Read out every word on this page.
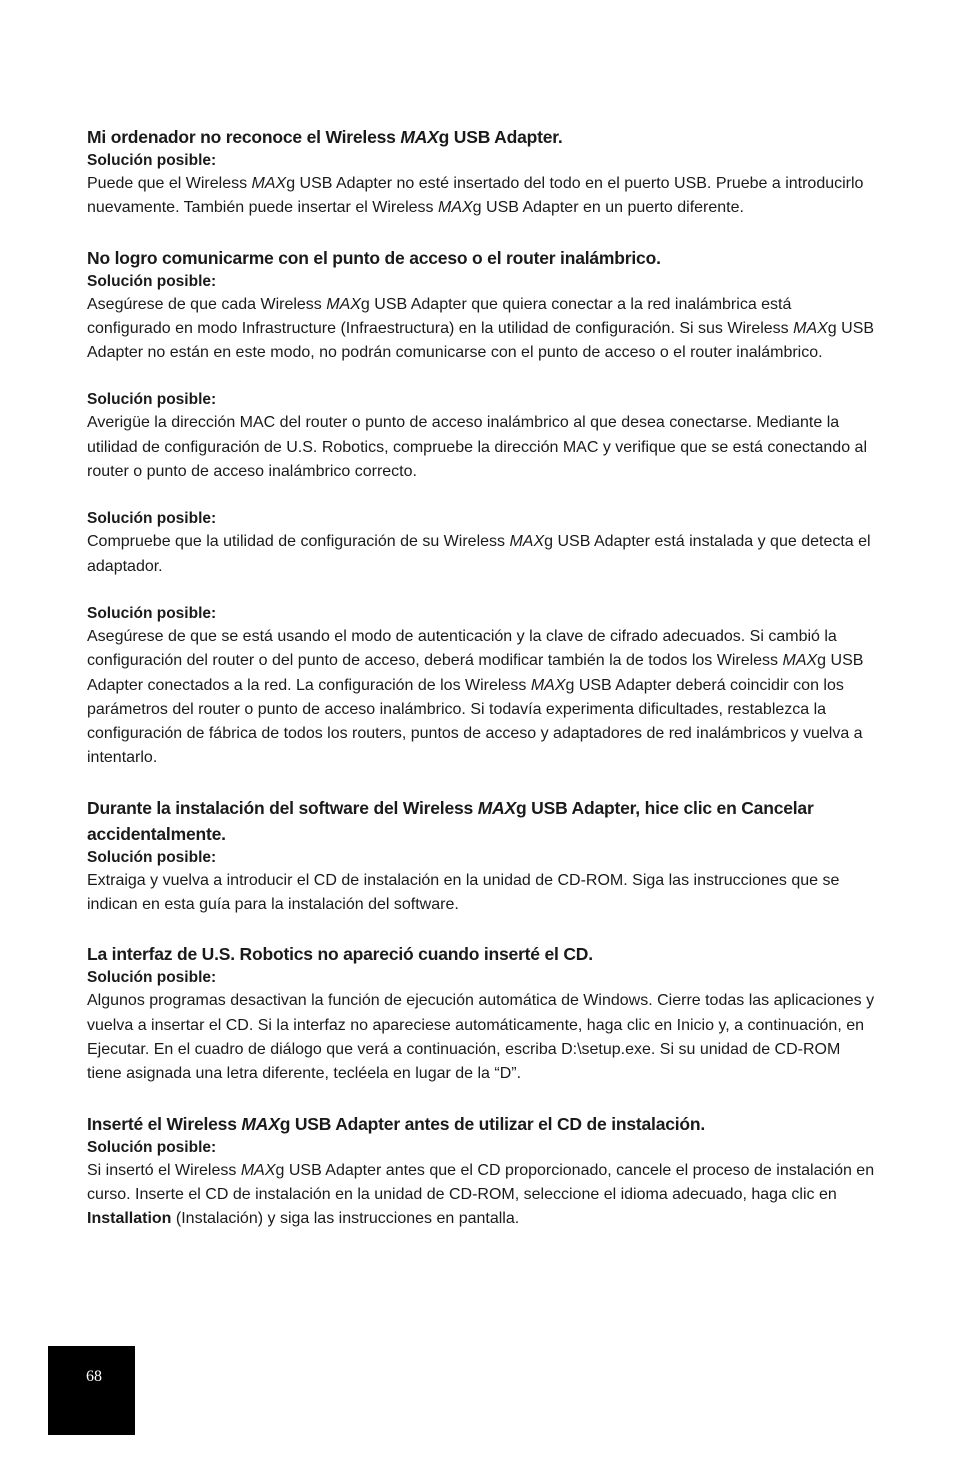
Mi ordenador no reconoce el Wireless MAXg USB Adapter.

Solución posible:

Puede que el Wireless MAXg USB Adapter no esté insertado del todo en el puerto USB. Pruebe a introducirlo nuevamente. También puede insertar el Wireless MAXg USB Adapter en un puerto diferente.

No logro comunicarme con el punto de acceso o el router inalámbrico.

Solución posible:

Asegúrese de que cada Wireless MAXg USB Adapter que quiera conectar a la red inalámbrica está configurado en modo Infrastructure (Infraestructura) en la utilidad de configuración. Si sus Wireless MAXg USB Adapter no están en este modo, no podrán comunicarse con el punto de acceso o el router inalámbrico.

Solución posible:

Averigüe la dirección MAC del router o punto de acceso inalámbrico al que desea conectarse. Mediante la utilidad de configuración de U.S. Robotics, compruebe la dirección MAC y verifique que se está conectando al router o punto de acceso inalámbrico correcto.

Solución posible:

Compruebe que la utilidad de configuración de su Wireless MAXg USB Adapter está instalada y que detecta el adaptador.

Solución posible:

Asegúrese de que se está usando el modo de autenticación y la clave de cifrado adecuados. Si cambió la configuración del router o del punto de acceso, deberá modificar también la de todos los Wireless MAXg USB Adapter conectados a la red. La configuración de los Wireless MAXg USB Adapter deberá coincidir con los parámetros del router o punto de acceso inalámbrico. Si todavía experimenta dificultades, restablezca la configuración de fábrica de todos los routers, puntos de acceso y adaptadores de red inalámbricos y vuelva a intentarlo.

Durante la instalación del software del Wireless MAXg USB Adapter, hice clic en Cancelar accidentalmente.

Solución posible:

Extraiga y vuelva a introducir el CD de instalación en la unidad de CD-ROM. Siga las instrucciones que se indican en esta guía para la instalación del software.

La interfaz de U.S. Robotics no apareció cuando inserté el CD.

Solución posible:

Algunos programas desactivan la función de ejecución automática de Windows. Cierre todas las aplicaciones y vuelva a insertar el CD. Si la interfaz no apareciese automáticamente, haga clic en Inicio y, a continuación, en Ejecutar. En el cuadro de diálogo que verá a continuación, escriba D:\setup.exe. Si su unidad de CD-ROM tiene asignada una letra diferente, tecléela en lugar de la “D”.

Inserté el Wireless MAXg USB Adapter antes de utilizar el CD de instalación.

Solución posible:

Si insertó el Wireless MAXg USB Adapter antes que el CD proporcionado, cancele el proceso de instalación en curso. Inserte el CD de instalación en la unidad de CD-ROM, seleccione el idioma adecuado, haga clic en Installation (Instalación) y siga las instrucciones en pantalla.

68
